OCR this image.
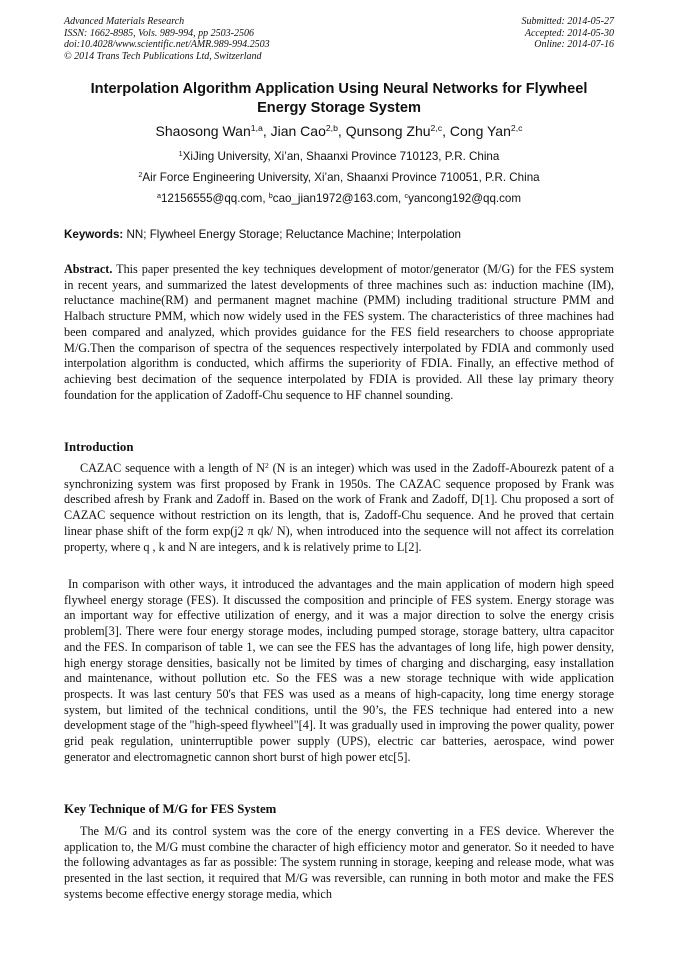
Advanced Materials Research
ISSN: 1662-8985, Vols. 989-994, pp 2503-2506
doi:10.4028/www.scientific.net/AMR.989-994.2503
© 2014 Trans Tech Publications Ltd, Switzerland
Submitted: 2014-05-27
Accepted: 2014-05-30
Online: 2014-07-16
Interpolation Algorithm Application Using Neural Networks for Flywheel
Energy Storage System
Shaosong Wan$^{1,a}$, Jian Cao$^{2,b}$, Qunsong Zhu$^{2,c}$, Cong Yan$^{2,c}$
$^1$XiJing University, Xi’an, Shaanxi Province 710123, P.R. China
$^2$Air Force Engineering University, Xi’an, Shaanxi Province 710051, P.R. China
$^a$12156555@qq.com, $^b$cao_jian1972@163.com, $^c$yancong192@qq.com
Keywords: NN; Flywheel Energy Storage; Reluctance Machine; Interpolation
Abstract. This paper presented the key techniques development of motor/generator (M/G) for the FES system in recent years, and summarized the latest developments of three machines such as: induction machine (IM), reluctance machine(RM) and permanent magnet machine (PMM) including traditional structure PMM and Halbach structure PMM, which now widely used in the FES system. The characteristics of three machines had been compared and analyzed, which provides guidance for the FES field researchers to choose appropriate M/G.Then the comparison of spectra of the sequences respectively interpolated by FDIA and commonly used interpolation algorithm is conducted, which affirms the superiority of FDIA. Finally, an effective method of achieving best decimation of the sequence interpolated by FDIA is provided. All these lay primary theory foundation for the application of Zadoff-Chu sequence to HF channel sounding.
Introduction
CAZAC sequence with a length of $N^2$ (N is an integer) which was used in the Zadoff-Abourezk patent of a synchronizing system was first proposed by Frank in 1950s. The CAZAC sequence proposed by Frank was described afresh by Frank and Zadoff in. Based on the work of Frank and Zadoff, D[1]. Chu proposed a sort of CAZAC sequence without restriction on its length, that is, Zadoff-Chu sequence. And he proved that certain linear phase shift of the form exp(j2 π qk/ N), when introduced into the sequence will not affect its correlation property, where q , k and N are integers, and k is relatively prime to L[2].
In comparison with other ways, it introduced the advantages and the main application of modern high speed flywheel energy storage (FES). It discussed the composition and principle of FES system. Energy storage was an important way for effective utilization of energy, and it was a major direction to solve the energy crisis problem[3]. There were four energy storage modes, including pumped storage, storage battery, ultra capacitor and the FES. In comparison of table 1, we can see the FES has the advantages of long life, high power density, high energy storage densities, basically not be limited by times of charging and discharging, easy installation and maintenance, without pollution etc. So the FES was a new storage technique with wide application prospects. It was last century 50's that FES was used as a means of high-capacity, long time energy storage system, but limited of the technical conditions, until the 90’s, the FES technique had entered into a new development stage of the "high-speed flywheel"[4]. It was gradually used in improving the power quality, power grid peak regulation, uninterruptible power supply (UPS), electric car batteries, aerospace, wind power generator and electromagnetic cannon short burst of high power etc[5].
Key Technique of M/G for FES System
The M/G and its control system was the core of the energy converting in a FES device. Wherever the application to, the M/G must combine the character of high efficiency motor and generator. So it needed to have the following advantages as far as possible: The system running in storage, keeping and release mode, what was presented in the last section, it required that M/G was reversible, can running in both motor and make the FES systems become effective energy storage media, which
